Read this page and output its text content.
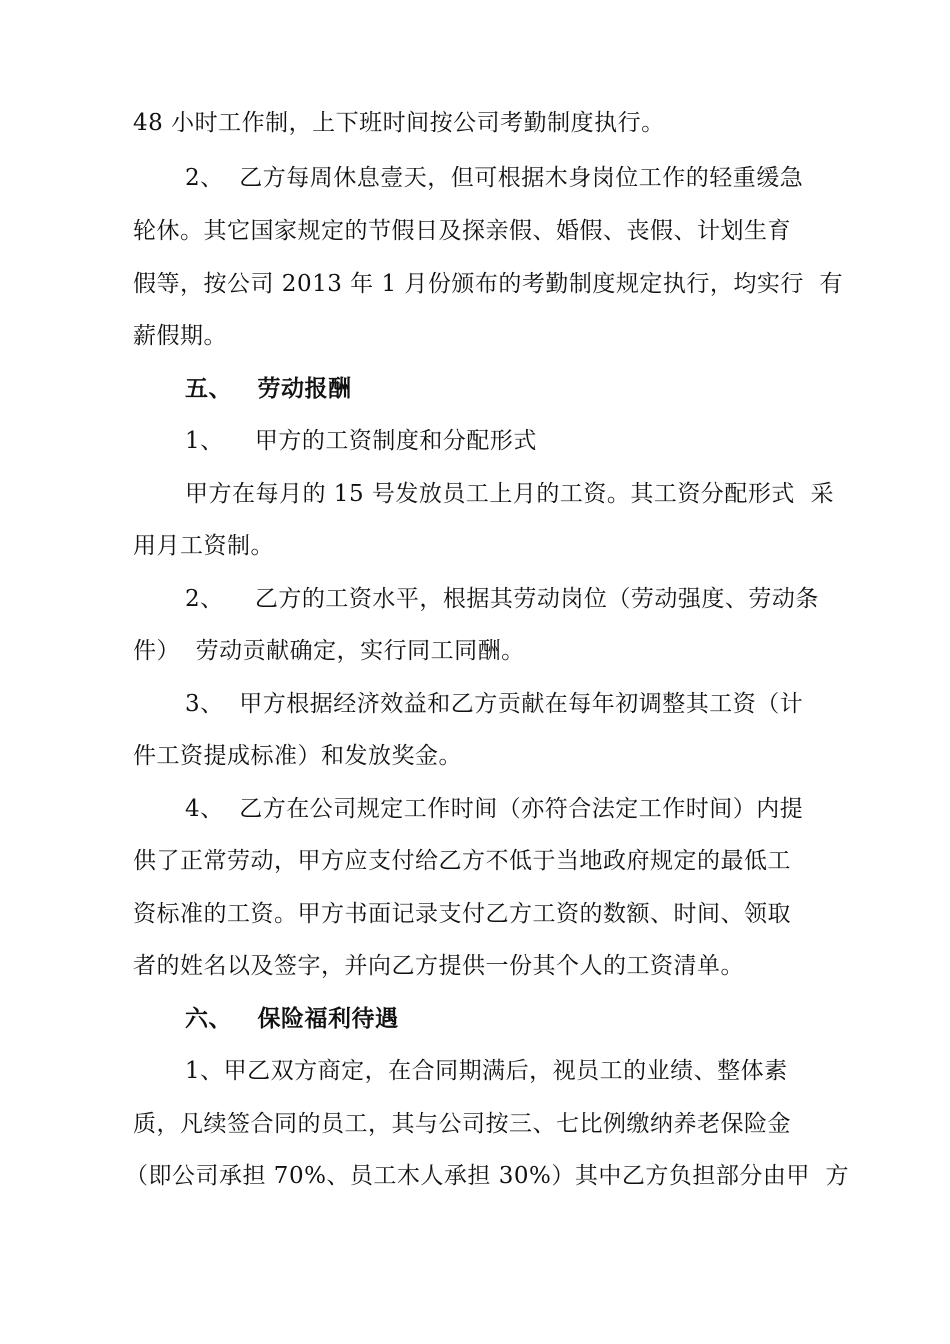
48 小时工作制，上下班时间按公司考勤制度执行。
2、  乙方每周休息壹天，但可根据木身岗位工作的轻重缓急
轮休。其它国家规定的节假日及探亲假、婚假、丧假、计划生育
假等，按公司 2013 年 1 月份颁布的考勤制度规定执行，均实行  有
薪假期。
五、   劳动报酬
1、    甲方的工资制度和分配形式
甲方在每月的 15 号发放员工上月的工资。其工资分配形式  采
用月工资制。
2、    乙方的工资水平，根据其劳动岗位（劳动强度、劳动条
件）  劳动贡献确定，实行同工同酬。
3、  甲方根据经济效益和乙方贡献在每年初调整其工资（计
件工资提成标准）和发放奖金。
4、  乙方在公司规定工作时间（亦符合法定工作时间）内提
供了正常劳动，甲方应支付给乙方不低于当地政府规定的最低工
资标准的工资。甲方书面记录支付乙方工资的数额、时间、领取
者的姓名以及签字，并向乙方提供一份其个人的工资清单。
六、   保险福利待遇
1、甲乙双方商定，在合同期满后，视员工的业绩、整体素
质，凡续签合同的员工，其与公司按三、七比例缴纳养老保险金
（即公司承担 70%、员工木人承担 30%）其中乙方负担部分由甲  方
